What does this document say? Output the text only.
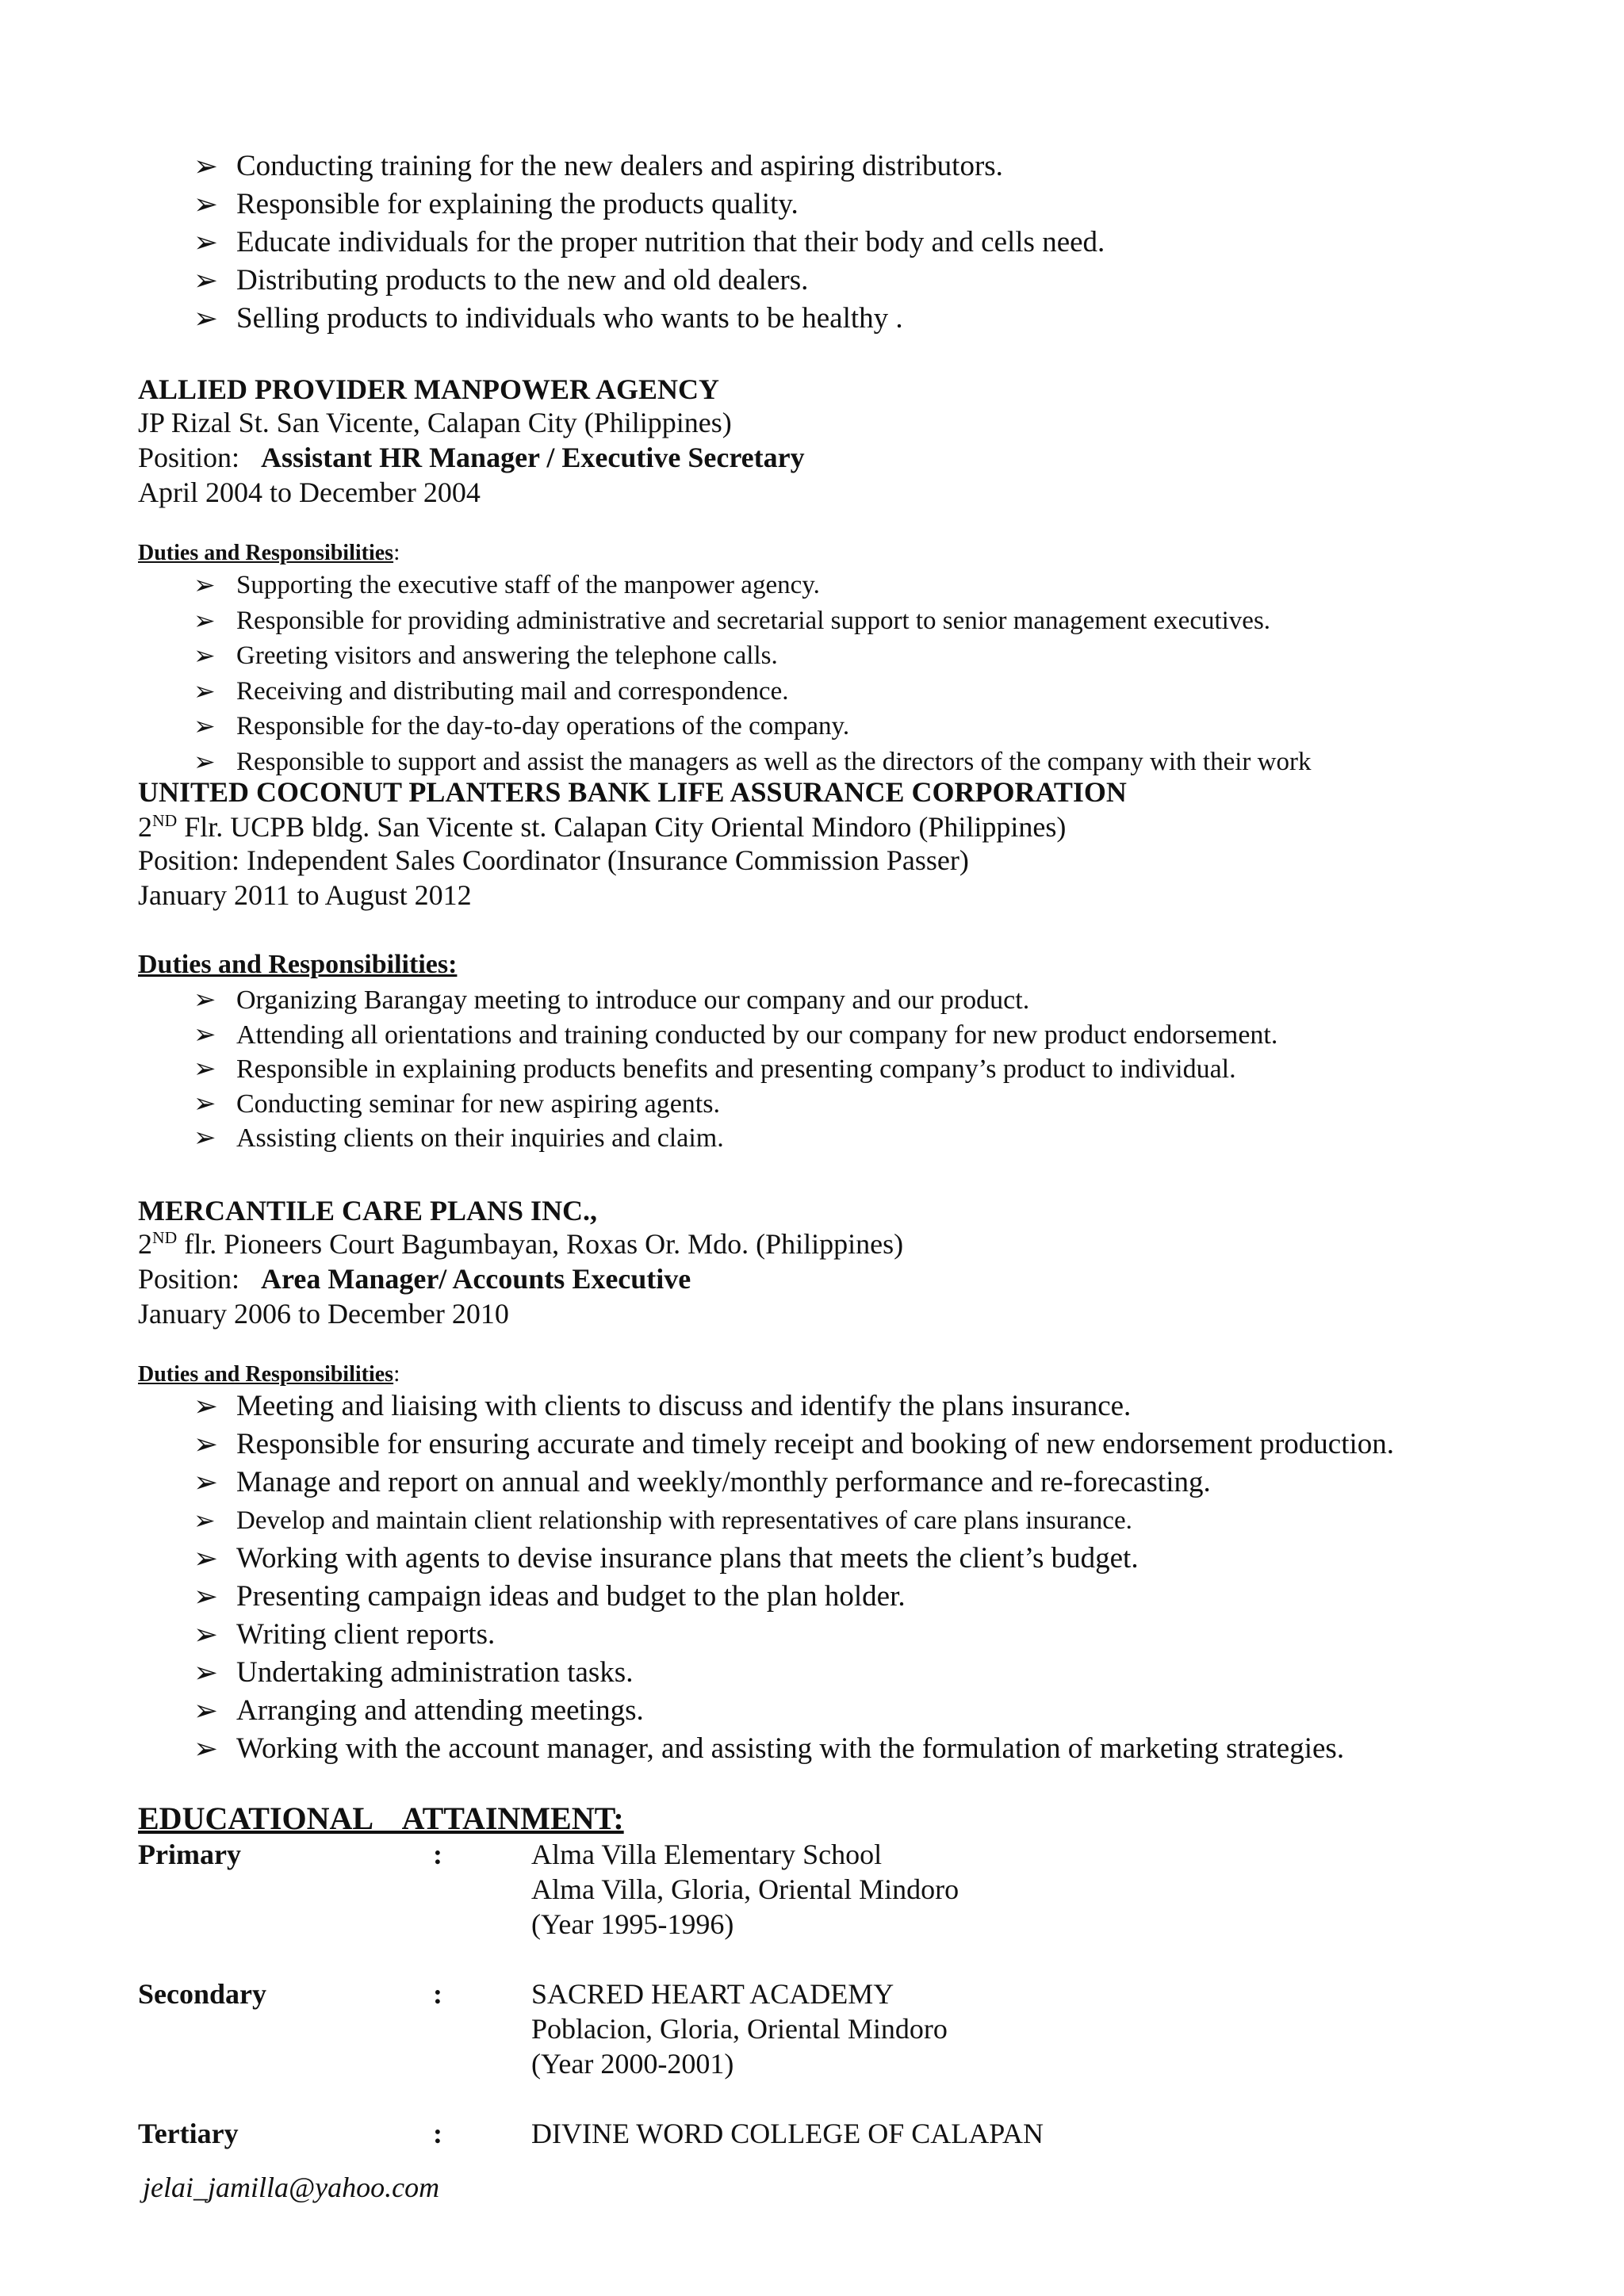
➢ Conducting training for the new dealers and aspiring distributors.
➢ Responsible for explaining the products quality.
➢ Educate individuals for the proper nutrition that their body and cells need.
➢ Distributing products to the new and old dealers.
➢ Selling products to individuals who wants to be healthy .
ALLIED PROVIDER MANPOWER AGENCY
JP Rizal St. San Vicente, Calapan City (Philippines)
Position: Assistant HR Manager / Executive Secretary
April 2004 to December 2004
Duties and Responsibilities:
➢ Supporting the executive staff of the manpower agency.
➢ Responsible for providing administrative and secretarial support to senior management executives.
➢ Greeting visitors and answering the telephone calls.
➢ Receiving and distributing mail and correspondence.
➢ Responsible for the day-to-day operations of the company.
➢ Responsible to support and assist the managers as well as the directors of the company with their work
UNITED COCONUT PLANTERS BANK LIFE ASSURANCE CORPORATION
2ND Flr. UCPB bldg. San Vicente st. Calapan City Oriental Mindoro (Philippines)
Position: Independent Sales Coordinator (Insurance Commission Passer)
January 2011 to August 2012
Duties and Responsibilities:
➢ Organizing Barangay meeting to introduce our company and our product.
➢ Attending all orientations and training conducted by our company for new product endorsement.
➢ Responsible in explaining products benefits and presenting company’s product to individual.
➢ Conducting seminar for new aspiring agents.
➢ Assisting clients on their inquiries and claim.
MERCANTILE CARE PLANS INC.,
2ND flr. Pioneers Court Bagumbayan, Roxas Or. Mdo. (Philippines)
Position: Area Manager/ Accounts Executive
January 2006 to December 2010
Duties and Responsibilities:
➢ Meeting and liaising with clients to discuss and identify the plans insurance.
➢ Responsible for ensuring accurate and timely receipt and booking of new endorsement production.
➢ Manage and report on annual and weekly/monthly performance and re-forecasting.
➢ Develop and maintain client relationship with representatives of care plans insurance.
➢ Working with agents to devise insurance plans that meets the client’s budget.
➢ Presenting campaign ideas and budget to the plan holder.
➢ Writing client reports.
➢ Undertaking administration tasks.
➢ Arranging and attending meetings.
➢ Working with the account manager, and assisting with the formulation of marketing strategies.
EDUCATIONAL    ATTAINMENT:
Primary	:	Alma Villa Elementary School
Alma Villa, Gloria, Oriental Mindoro
(Year 1995-1996)
Secondary	:	SACRED HEART ACADEMY
Poblacion, Gloria, Oriental Mindoro
(Year 2000-2001)
Tertiary	:	DIVINE WORD COLLEGE OF CALAPAN
jelai_jamilla@yahoo.com
